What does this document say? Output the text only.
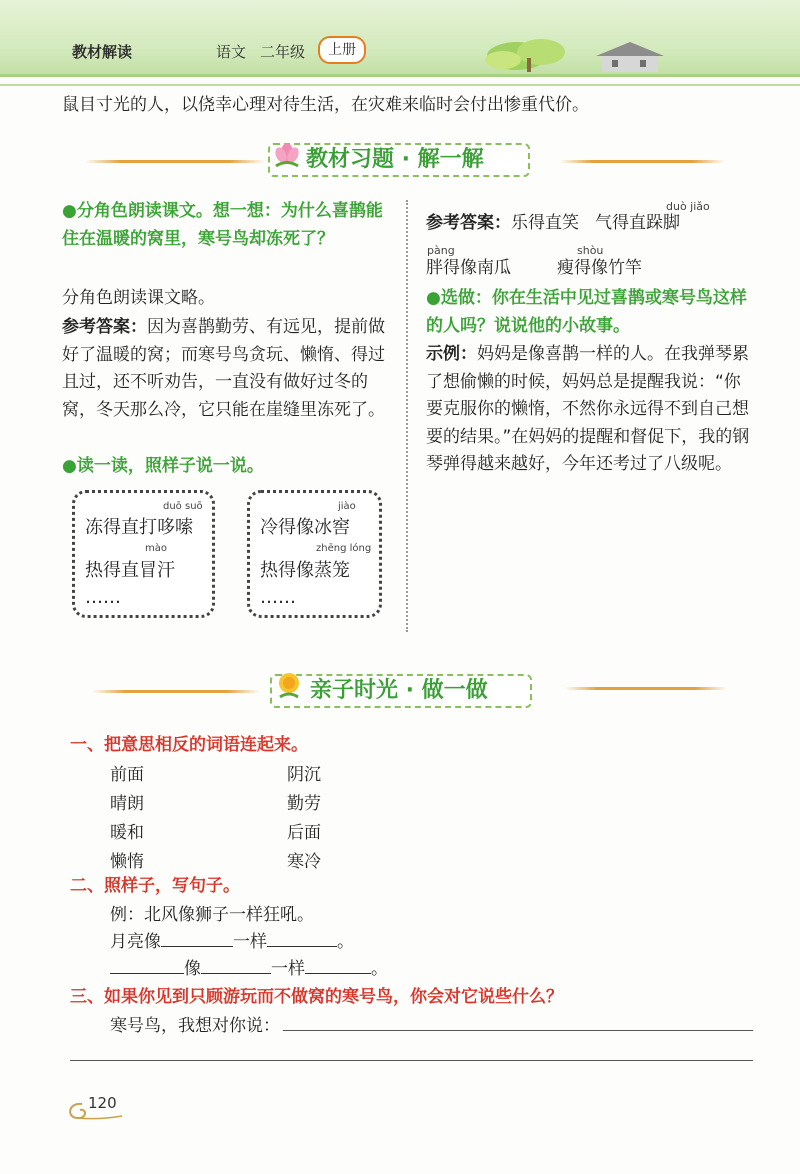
教材解读	语文 二年级	上册
鼠目寸光的人，以侥幸心理对待生活，在灾难来临时会付出惨重代价。
教材习题 · 解一解
●分角色朗读课文。想一想：为什么喜鹊能住在温暖的窝里，寒号鸟却冻死了？
分角色朗读课文略。
参考答案：因为喜鹊勤劳、有远见，提前做好了温暖的窝；而寒号鸟贪玩、懒惰、得过且过，还不听劝告，一直没有做好过冬的窝，冬天那么冷，它只能在崖缝里冻死了。
●读一读，照样子说一说。
duō suō
冻得直打哆嗦
mào
热得直冒汗
……
jiào
冷得像冰窖
zhēng lóng
热得像蒸笼
……
duò jiǎo
参考答案：乐得直笑 气得直跺脚
pàng	shòu
胖得像南瓜	瘦得像竹竿
●选做：你在生活中见过喜鹊或寒号鸟这样的人吗？说说他的小故事。
示例：妈妈是像喜鹊一样的人。在我弹琴累了想偷懒的时候，妈妈总是提醒我说：“你要克服你的懒惰，不然你永远得不到自己想要的结果。”在妈妈的提醒和督促下，我的钢琴弹得越来越好，今年还考过了八级呢。
亲子时光 · 做一做
一、把意思相反的词语连起来。
前面
晴朗
暖和
懒惰
阴沉
勤劳
后面
寒冷
二、照样子，写句子。
例：北风像狮子一样狂吼。
月亮像	一样	。
像	一样	。
三、如果你见到只顾游玩而不做窝的寒号鸟，你会对它说些什么？
寒号鸟，我想对你说：
120
